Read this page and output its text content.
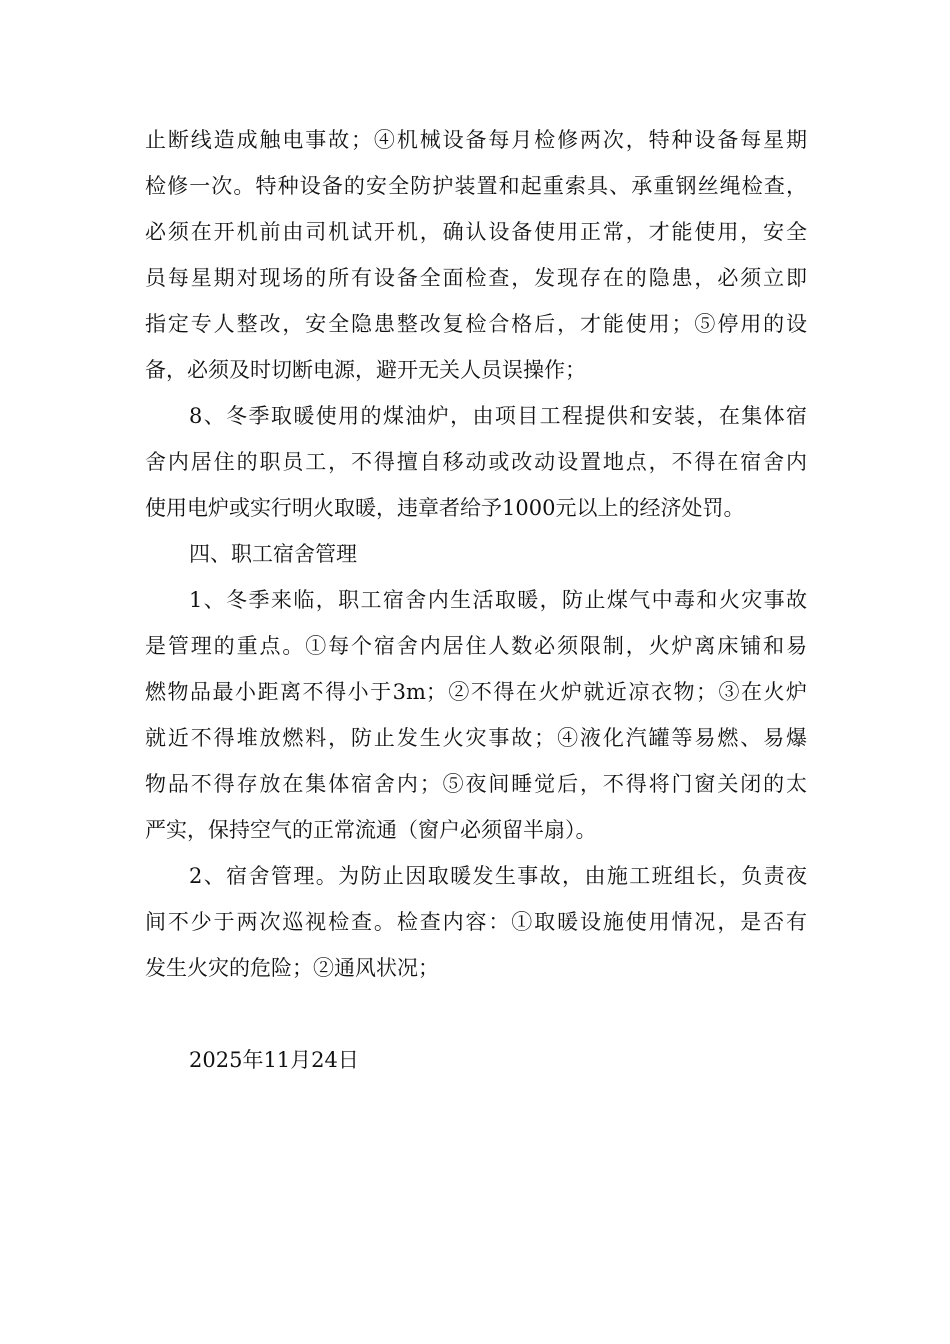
止断线造成触电事故；④机械设备每月检修两次，特种设备每星期
检修一次。特种设备的安全防护装置和起重索具、承重钢丝绳检查，
必须在开机前由司机试开机，确认设备使用正常，才能使用，安全
员每星期对现场的所有设备全面检查，发现存在的隐患，必须立即
指定专人整改，安全隐患整改复检合格后，才能使用；⑤停用的设
备，必须及时切断电源，避开无关人员误操作；
8、冬季取暖使用的煤油炉，由项目工程提供和安装，在集体宿
舍内居住的职员工，不得擅自移动或改动设置地点，不得在宿舍内
使用电炉或实行明火取暖，违章者给予1000元以上的经济处罚。
四、职工宿舍管理
1、冬季来临，职工宿舍内生活取暖，防止煤气中毒和火灾事故
是管理的重点。①每个宿舍内居住人数必须限制，火炉离床铺和易
燃物品最小距离不得小于3m；②不得在火炉就近凉衣物；③在火炉
就近不得堆放燃料，防止发生火灾事故；④液化汽罐等易燃、易爆
物品不得存放在集体宿舍内；⑤夜间睡觉后，不得将门窗关闭的太
严实，保持空气的正常流通（窗户必须留半扇）。
2、宿舍管理。为防止因取暖发生事故，由施工班组长，负责夜
间不少于两次巡视检查。检查内容：①取暖设施使用情况，是否有
发生火灾的危险；②通风状况；
2025年11月24日
